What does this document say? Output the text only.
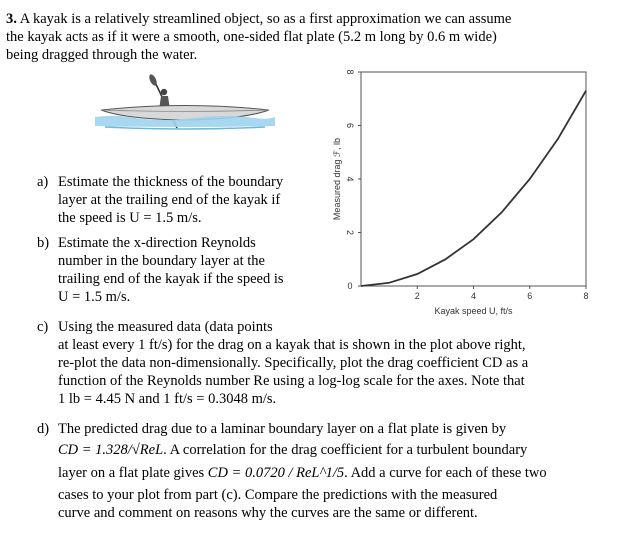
3. A kayak is a relatively streamlined object, so as a first approximation we can assume
the kayak acts as if it were a smooth, one-sided flat plate (5.2 m long by 0.6 m wide)
being dragged through the water.
a) Estimate the thickness of the boundary
layer at the trailing end of the kayak if
the speed is U = 1.5 m/s.
b) Estimate the x-direction Reynolds
number in the boundary layer at the
trailing end of the kayak if the speed is
U = 1.5 m/s.
Measured drag ℱ, lb
Kayak speed U, ft/s
0
2
4
6
8
2	4	6	8
c) Using the measured data (data points
at least every 1 ft/s) for the drag on a kayak that is shown in the plot above right,
re-plot the data non-dimensionally. Specifically, plot the drag coefficient CD as a
function of the Reynolds number Re using a log-log scale for the axes. Note that
1 lb = 4.45 N and 1 ft/s = 0.3048 m/s.
d) The predicted drag due to a laminar boundary layer on a flat plate is given by
CD = 1.328/√ReL. A correlation for the drag coefficient for a turbulent boundary
layer on a flat plate gives CD = 0.0720 / ReL^1/5. Add a curve for each of these two
cases to your plot from part (c). Compare the predictions with the measured
curve and comment on reasons why the curves are the same or different.
